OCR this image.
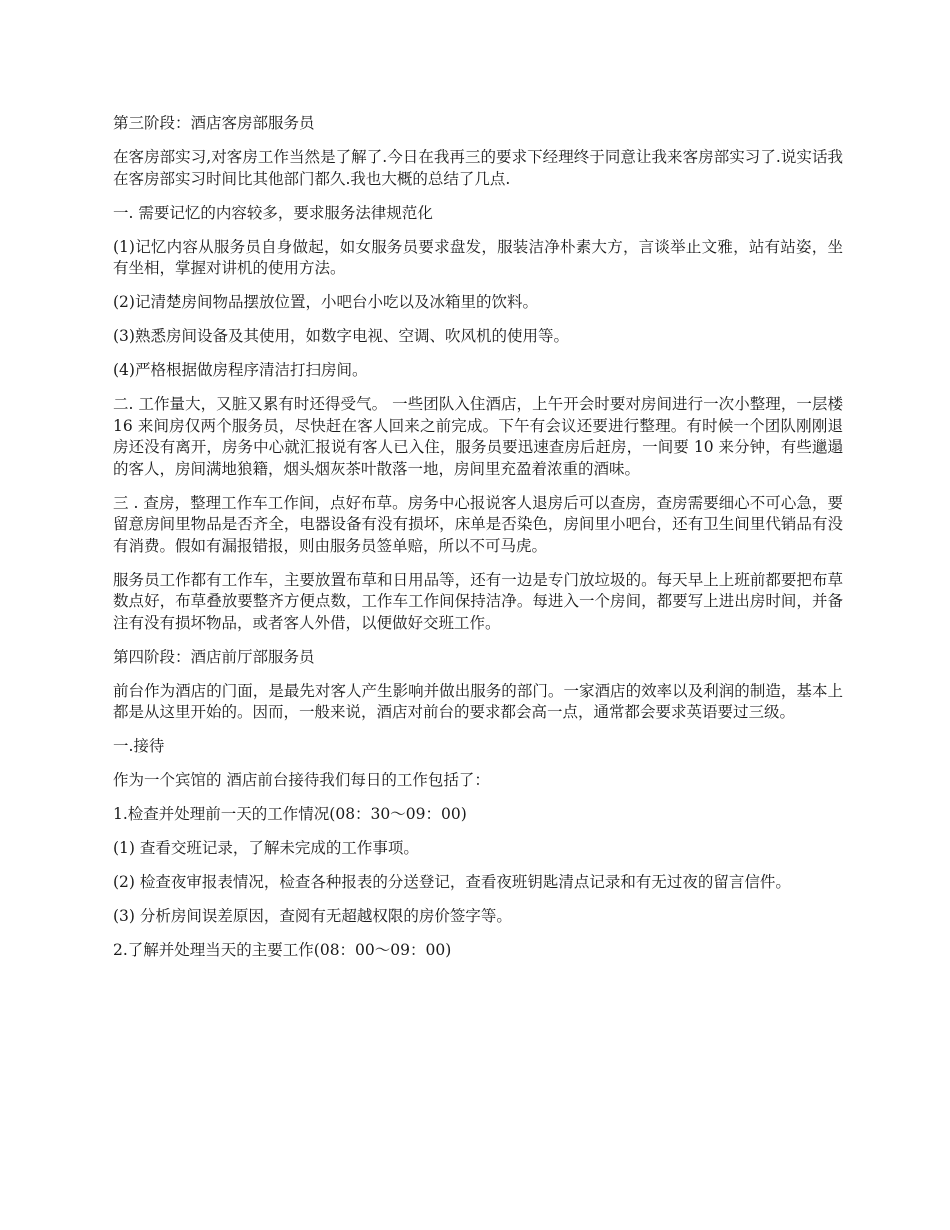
第三阶段：酒店客房部服务员

在客房部实习,对客房工作当然是了解了.今日在我再三的要求下经理终于同意让我来客房部实习了.说实话我在客房部实习时间比其他部门都久.我也大概的总结了几点.

一. 需要记忆的内容较多，要求服务法律规范化

(1)记忆内容从服务员自身做起，如女服务员要求盘发，服装洁净朴素大方，言谈举止文雅，站有站姿，坐有坐相，掌握对讲机的使用方法。

(2)记清楚房间物品摆放位置，小吧台小吃以及冰箱里的饮料。

(3)熟悉房间设备及其使用，如数字电视、空调、吹风机的使用等。

(4)严格根据做房程序清洁打扫房间。

二. 工作量大，又脏又累有时还得受气。 一些团队入住酒店，上午开会时要对房间进行一次小整理，一层楼 16 来间房仅两个服务员，尽快赶在客人回来之前完成。下午有会议还要进行整理。有时候一个团队刚刚退房还没有离开，房务中心就汇报说有客人已入住，服务员要迅速查房后赶房，一间要 10 来分钟，有些邋遢的客人，房间满地狼籍，烟头烟灰茶叶散落一地，房间里充盈着浓重的酒味。

三 . 查房，整理工作车工作间，点好布草。房务中心报说客人退房后可以查房，查房需要细心不可心急，要留意房间里物品是否齐全，电器设备有没有损坏，床单是否染色，房间里小吧台，还有卫生间里代销品有没有消费。假如有漏报错报，则由服务员签单赔，所以不可马虎。

服务员工作都有工作车，主要放置布草和日用品等，还有一边是专门放垃圾的。每天早上上班前都要把布草数点好，布草叠放要整齐方便点数，工作车工作间保持洁净。每进入一个房间，都要写上进出房时间，并备注有没有损坏物品，或者客人外借，以便做好交班工作。

第四阶段：酒店前厅部服务员

前台作为酒店的门面，是最先对客人产生影响并做出服务的部门。一家酒店的效率以及利润的制造，基本上都是从这里开始的。因而，一般来说，酒店对前台的要求都会高一点，通常都会要求英语要过三级。

一.接待

作为一个宾馆的 酒店前台接待我们每日的工作包括了：

1.检查并处理前一天的工作情况(08：30～09：00)

(1) 查看交班记录，了解未完成的工作事项。

(2) 检查夜审报表情况，检查各种报表的分送登记，查看夜班钥匙清点记录和有无过夜的留言信件。

(3) 分析房间误差原因，查阅有无超越权限的房价签字等。

2.了解并处理当天的主要工作(08：00～09：00)
